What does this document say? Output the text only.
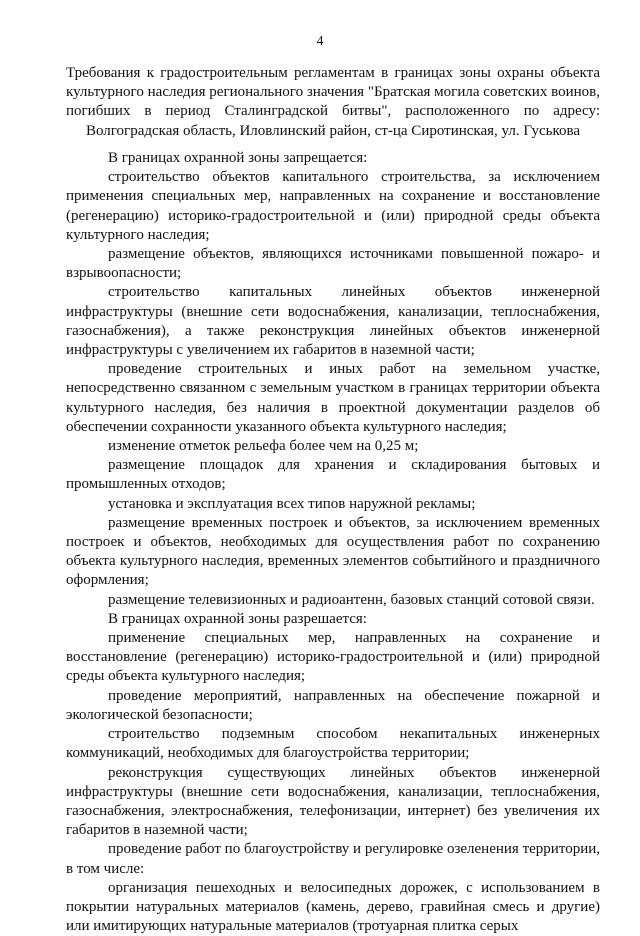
4
Требования к градостроительным регламентам в границах зоны охраны объекта культурного наследия регионального значения "Братская могила советских воинов, погибших в период Сталинградской битвы", расположенного по адресу: Волгоградская область, Иловлинский район, ст-ца Сиротинская, ул. Гуськова

В границах охранной зоны запрещается:

строительство объектов капитального строительства, за исключением применения специальных мер, направленных на сохранение и восстановление (регенерацию) историко-градостроительной и (или) природной среды объекта культурного наследия;

размещение объектов, являющихся источниками повышенной пожаро- и взрывоопасности;

строительство капитальных линейных объектов инженерной инфраструктуры (внешние сети водоснабжения, канализации, теплоснабжения, газоснабжения), а также реконструкция линейных объектов инженерной инфраструктуры с увеличением их габаритов в наземной части;

проведение строительных и иных работ на земельном участке, непосредственно связанном с земельным участком в границах территории объекта культурного наследия, без наличия в проектной документации разделов об обеспечении сохранности указанного объекта культурного наследия;

изменение отметок рельефа более чем на 0,25 м;

размещение площадок для хранения и складирования бытовых и промышленных отходов;

установка и эксплуатация всех типов наружной рекламы;

размещение временных построек и объектов, за исключением временных построек и объектов, необходимых для осуществления работ по сохранению объекта культурного наследия, временных элементов событийного и праздничного оформления;

размещение телевизионных и радиоантенн, базовых станций сотовой связи.

В границах охранной зоны разрешается:

применение специальных мер, направленных на сохранение и восстановление (регенерацию) историко-градостроительной и (или) природной среды объекта культурного наследия;

проведение мероприятий, направленных на обеспечение пожарной и экологической безопасности;

строительство подземным способом некапитальных инженерных коммуникаций, необходимых для благоустройства территории;

реконструкция существующих линейных объектов инженерной инфраструктуры (внешние сети водоснабжения, канализации, теплоснабжения, газоснабжения, электроснабжения, телефонизации, интернет) без увеличения их габаритов в наземной части;

проведение работ по благоустройству и регулировке озеленения территории, в том числе:

организация пешеходных и велосипедных дорожек, с использованием в покрытии натуральных материалов (камень, дерево, гравийная смесь и другие) или имитирующих натуральные материалов (тротуарная плитка серых
